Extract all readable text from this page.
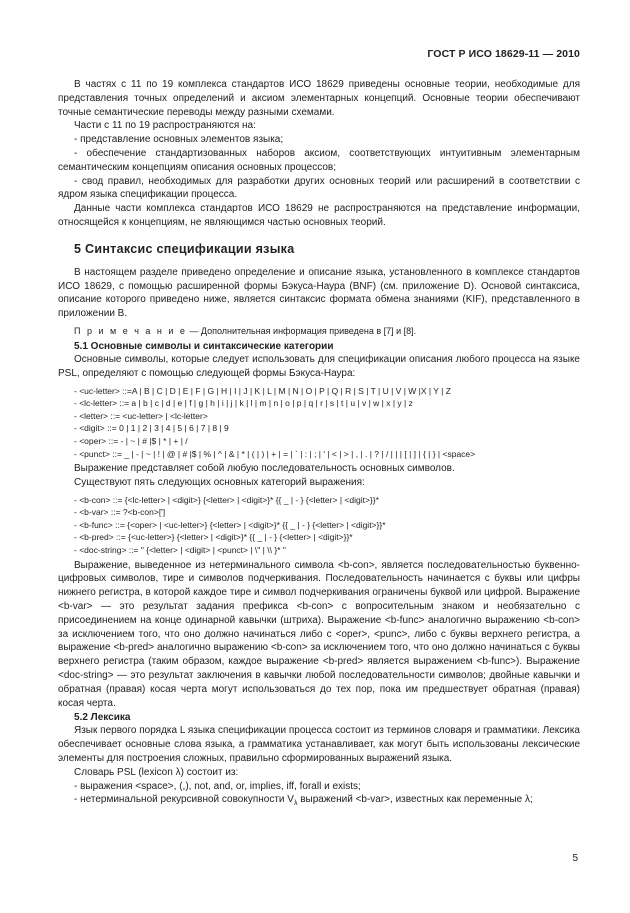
ГОСТ Р ИСО 18629-11 — 2010

В частях с 11 по 19 комплекса стандартов ИСО 18629 приведены основные теории, необходимые для представления точных определений и аксиом элементарных концепций. Основные теории обеспечивают точные семантические переводы между разными схемами.

Части с 11 по 19 распространяются на:

- представление основных элементов языка;

- обеспечение стандартизованных наборов аксиом, соответствующих интуитивным элементарным семантическим концепциям описания основных процессов;

- свод правил, необходимых для разработки других основных теорий или расширений в соответствии с ядром языка спецификации процесса.

Данные части комплекса стандартов ИСО 18629 не распространяются на представление информации, относящейся к концепциям, не являющимся частью основных теорий.

5 Синтаксис спецификации языка

В настоящем разделе приведено определение и описание языка, установленного в комплексе стандартов ИСО 18629, с помощью расширенной формы Бэкуса-Наура (BNF) (см. приложение D). Основой синтаксиса, описание которого приведено ниже, является синтаксис формата обмена знаниями (KIF), представленного в приложении B.

П р и м е ч а н и е — Дополнительная информация приведена в [7] и [8].
5.1 Основные символы и синтаксические категории

Основные символы, которые следует использовать для спецификации описания любого процесса на языке PSL, определяют с помощью следующей формы Бэкуса-Наура:

- <uc-letter> ::=A | B | C | D | E | F | G | H | I | J | K | L | M | N | O | P | Q | R | S | T | U | V | W |X | Y | Z

- <lc-letter> ::= a | b | c | d | e | f | g | h | i | j | k | l | m | n | o | p | q | r | s | t | u | v | w | x | y | z

- <letter> ::= <uc-letter> | <lc-letter>

- <digit> ::= 0 | 1 | 2 | 3 | 4 | 5 | 6 | 7 | 8 | 9

- <oper> ::= - | ~ | # |$ | * | + | /

- <punct> ::= _ | - | ~ | ! | @ | # |$ | % | ^ | & | * | ( | ) | + | = | ` | : | ; | ' | < | > | , | . | ? | / | | | [ | ] | { | } | <space>

Выражение представляет собой любую последовательность основных символов.

Существуют пять следующих основных категорий выражения:

- <b-con> ::= {<lc-letter> | <digit>} {<letter> | <digit>}* {{ _ | - } {<letter> | <digit>}}*

- <b-var> ::= ?<b-con>[']

- <b-func> ::= {<oper> | <uc-letter>} {<letter> | <digit>}* {{ _ | - } {<letter> | <digit>}}*

- <b-pred> ::= {<uc-letter>} {<letter> | <digit>}* {{ _ | - } {<letter> | <digit>}}*

- <doc-string> ::= " {<letter> | <digit> | <punct> | \" | \\ }* "

Выражение, выведенное из нетерминального символа <b-con>, является последовательностью буквенно-цифровых символов, тире и символов подчеркивания. Последовательность начинается с буквы или цифры нижнего регистра, в которой каждое тире и символ подчеркивания ограничены буквой или цифрой. Выражение <b-var> — это результат задания префикса <b-con> с вопросительным знаком и необязательно с присоединением на конце одинарной кавычки (штриха). Выражение <b-func> аналогично выражению <b-con> за исключением того, что оно должно начинаться либо с <oper>, <punc>, либо с буквы верхнего регистра, а выражение <b-pred> аналогично выражению <b-con> за исключением того, что оно должно начинаться с буквы верхнего регистра (таким образом, каждое выражение <b-pred> является выражением <b-func>). Выражение <doc-string> — это результат заключения в кавычки любой последовательности символов; двойные кавычки и обратная (правая) косая черта могут использоваться до тех пор, пока им предшествует обратная (правая) косая черта.

5.2 Лексика

Язык первого порядка L языка спецификации процесса состоит из терминов словаря и грамматики. Лексика обеспечивает основные слова языка, а грамматика устанавливает, как могут быть использованы лексические элементы для построения сложных, правильно сформированных выражений языка.

Словарь PSL (lexicon λ) состоит из:

- выражения <space>, (,), not, and, or, implies, iff, forall и exists;

- нетерминальной рекурсивной совокупности $V_\lambda$ выражений <b-var>, известных как переменные λ;

5
